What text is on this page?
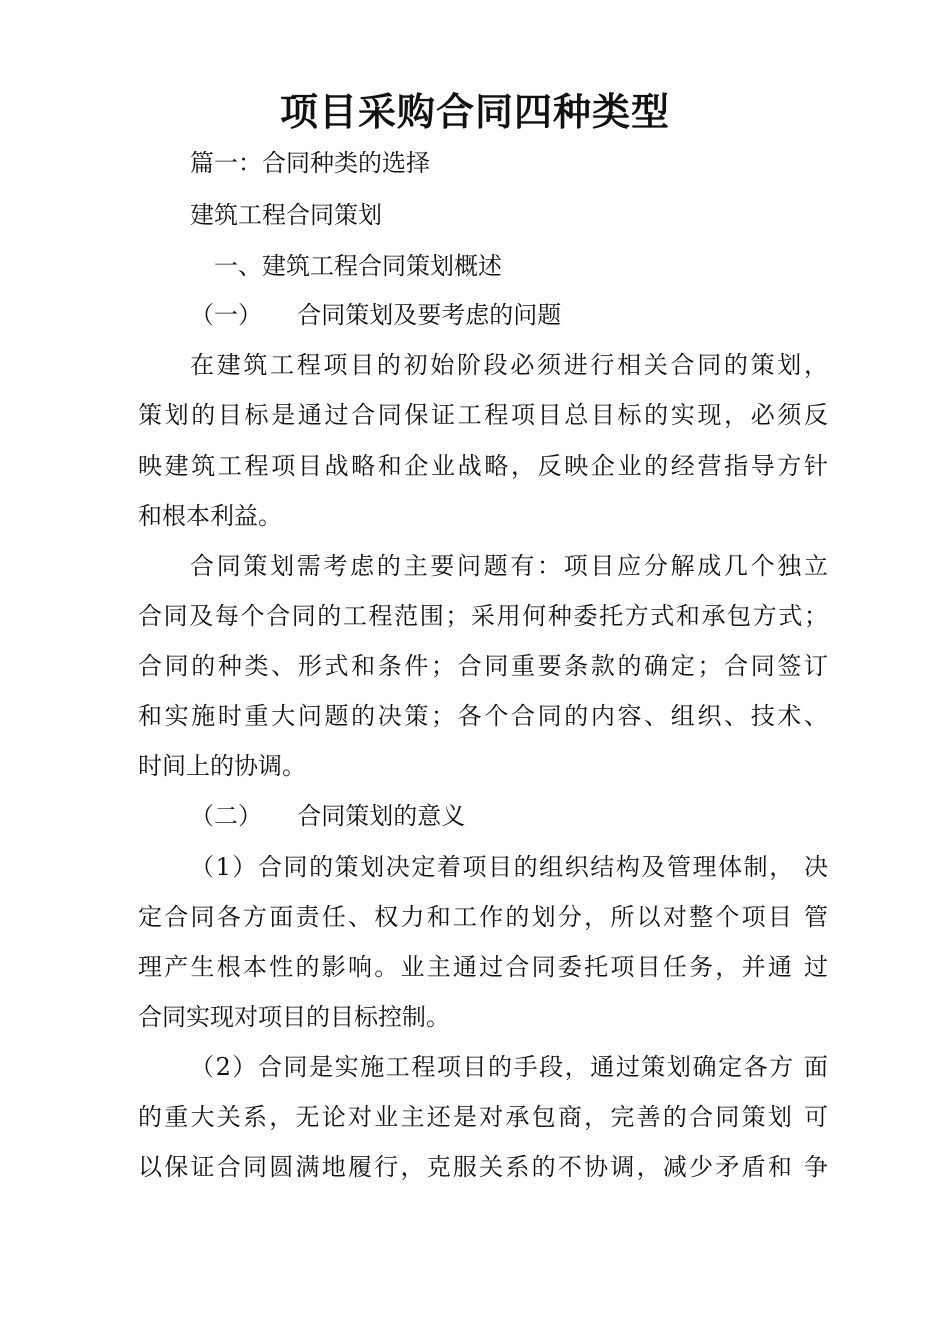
项目采购合同四种类型
篇一：合同种类的选择
建筑工程合同策划
一、建筑工程合同策划概述
（一） 合同策划及要考虑的问题
在建筑工程项目的初始阶段必须进行相关合同的策划，
策划的目标是通过合同保证工程项目总目标的实现，必须反
映建筑工程项目战略和企业战略，反映企业的经营指导方针
和根本利益。
合同策划需考虑的主要问题有：项目应分解成几个独立
合同及每个合同的工程范围；采用何种委托方式和承包方式；
合同的种类、形式和条件；合同重要条款的确定；合同签订
和实施时重大问题的决策；各个合同的内容、组织、技术、
时间上的协调。
（二） 合同策划的意义
（1）合同的策划决定着项目的组织结构及管理体制， 决
定合同各方面责任、权力和工作的划分，所以对整个项目 管
理产生根本性的影响。业主通过合同委托项目任务，并通 过
合同实现对项目的目标控制。
（2）合同是实施工程项目的手段，通过策划确定各方 面
的重大关系，无论对业主还是对承包商，完善的合同策划 可
以保证合同圆满地履行，克服关系的不协调，减少矛盾和 争
